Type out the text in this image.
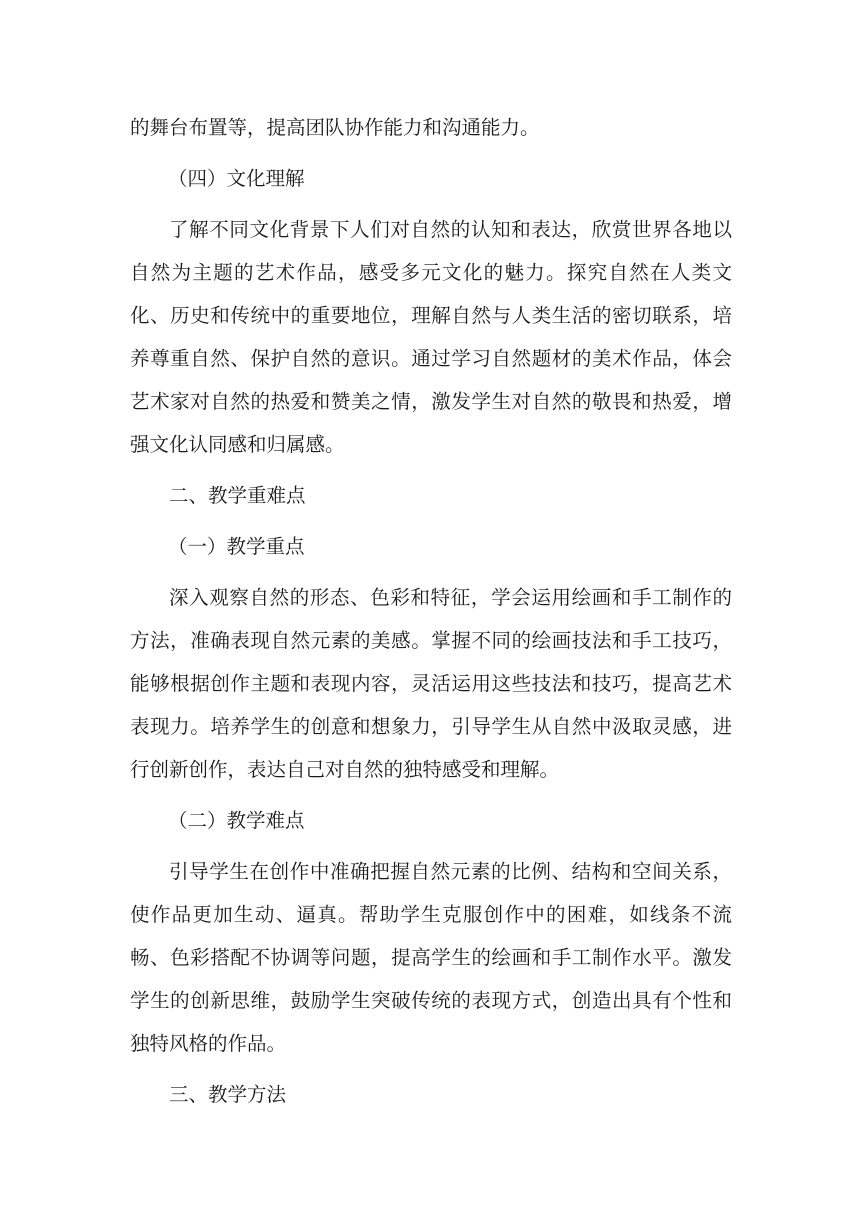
的舞台布置等，提高团队协作能力和沟通能力。

（四）文化理解

了解不同文化背景下人们对自然的认知和表达，欣赏世界各地以自然为主题的艺术作品，感受多元文化的魅力。探究自然在人类文化、历史和传统中的重要地位，理解自然与人类生活的密切联系，培养尊重自然、保护自然的意识。通过学习自然题材的美术作品，体会艺术家对自然的热爱和赞美之情，激发学生对自然的敬畏和热爱，增强文化认同感和归属感。

二、教学重难点

（一）教学重点

深入观察自然的形态、色彩和特征，学会运用绘画和手工制作的方法，准确表现自然元素的美感。掌握不同的绘画技法和手工技巧，能够根据创作主题和表现内容，灵活运用这些技法和技巧，提高艺术表现力。培养学生的创意和想象力，引导学生从自然中汲取灵感，进行创新创作，表达自己对自然的独特感受和理解。

（二）教学难点

引导学生在创作中准确把握自然元素的比例、结构和空间关系，使作品更加生动、逼真。帮助学生克服创作中的困难，如线条不流畅、色彩搭配不协调等问题，提高学生的绘画和手工制作水平。激发学生的创新思维，鼓励学生突破传统的表现方式，创造出具有个性和独特风格的作品。

三、教学方法
